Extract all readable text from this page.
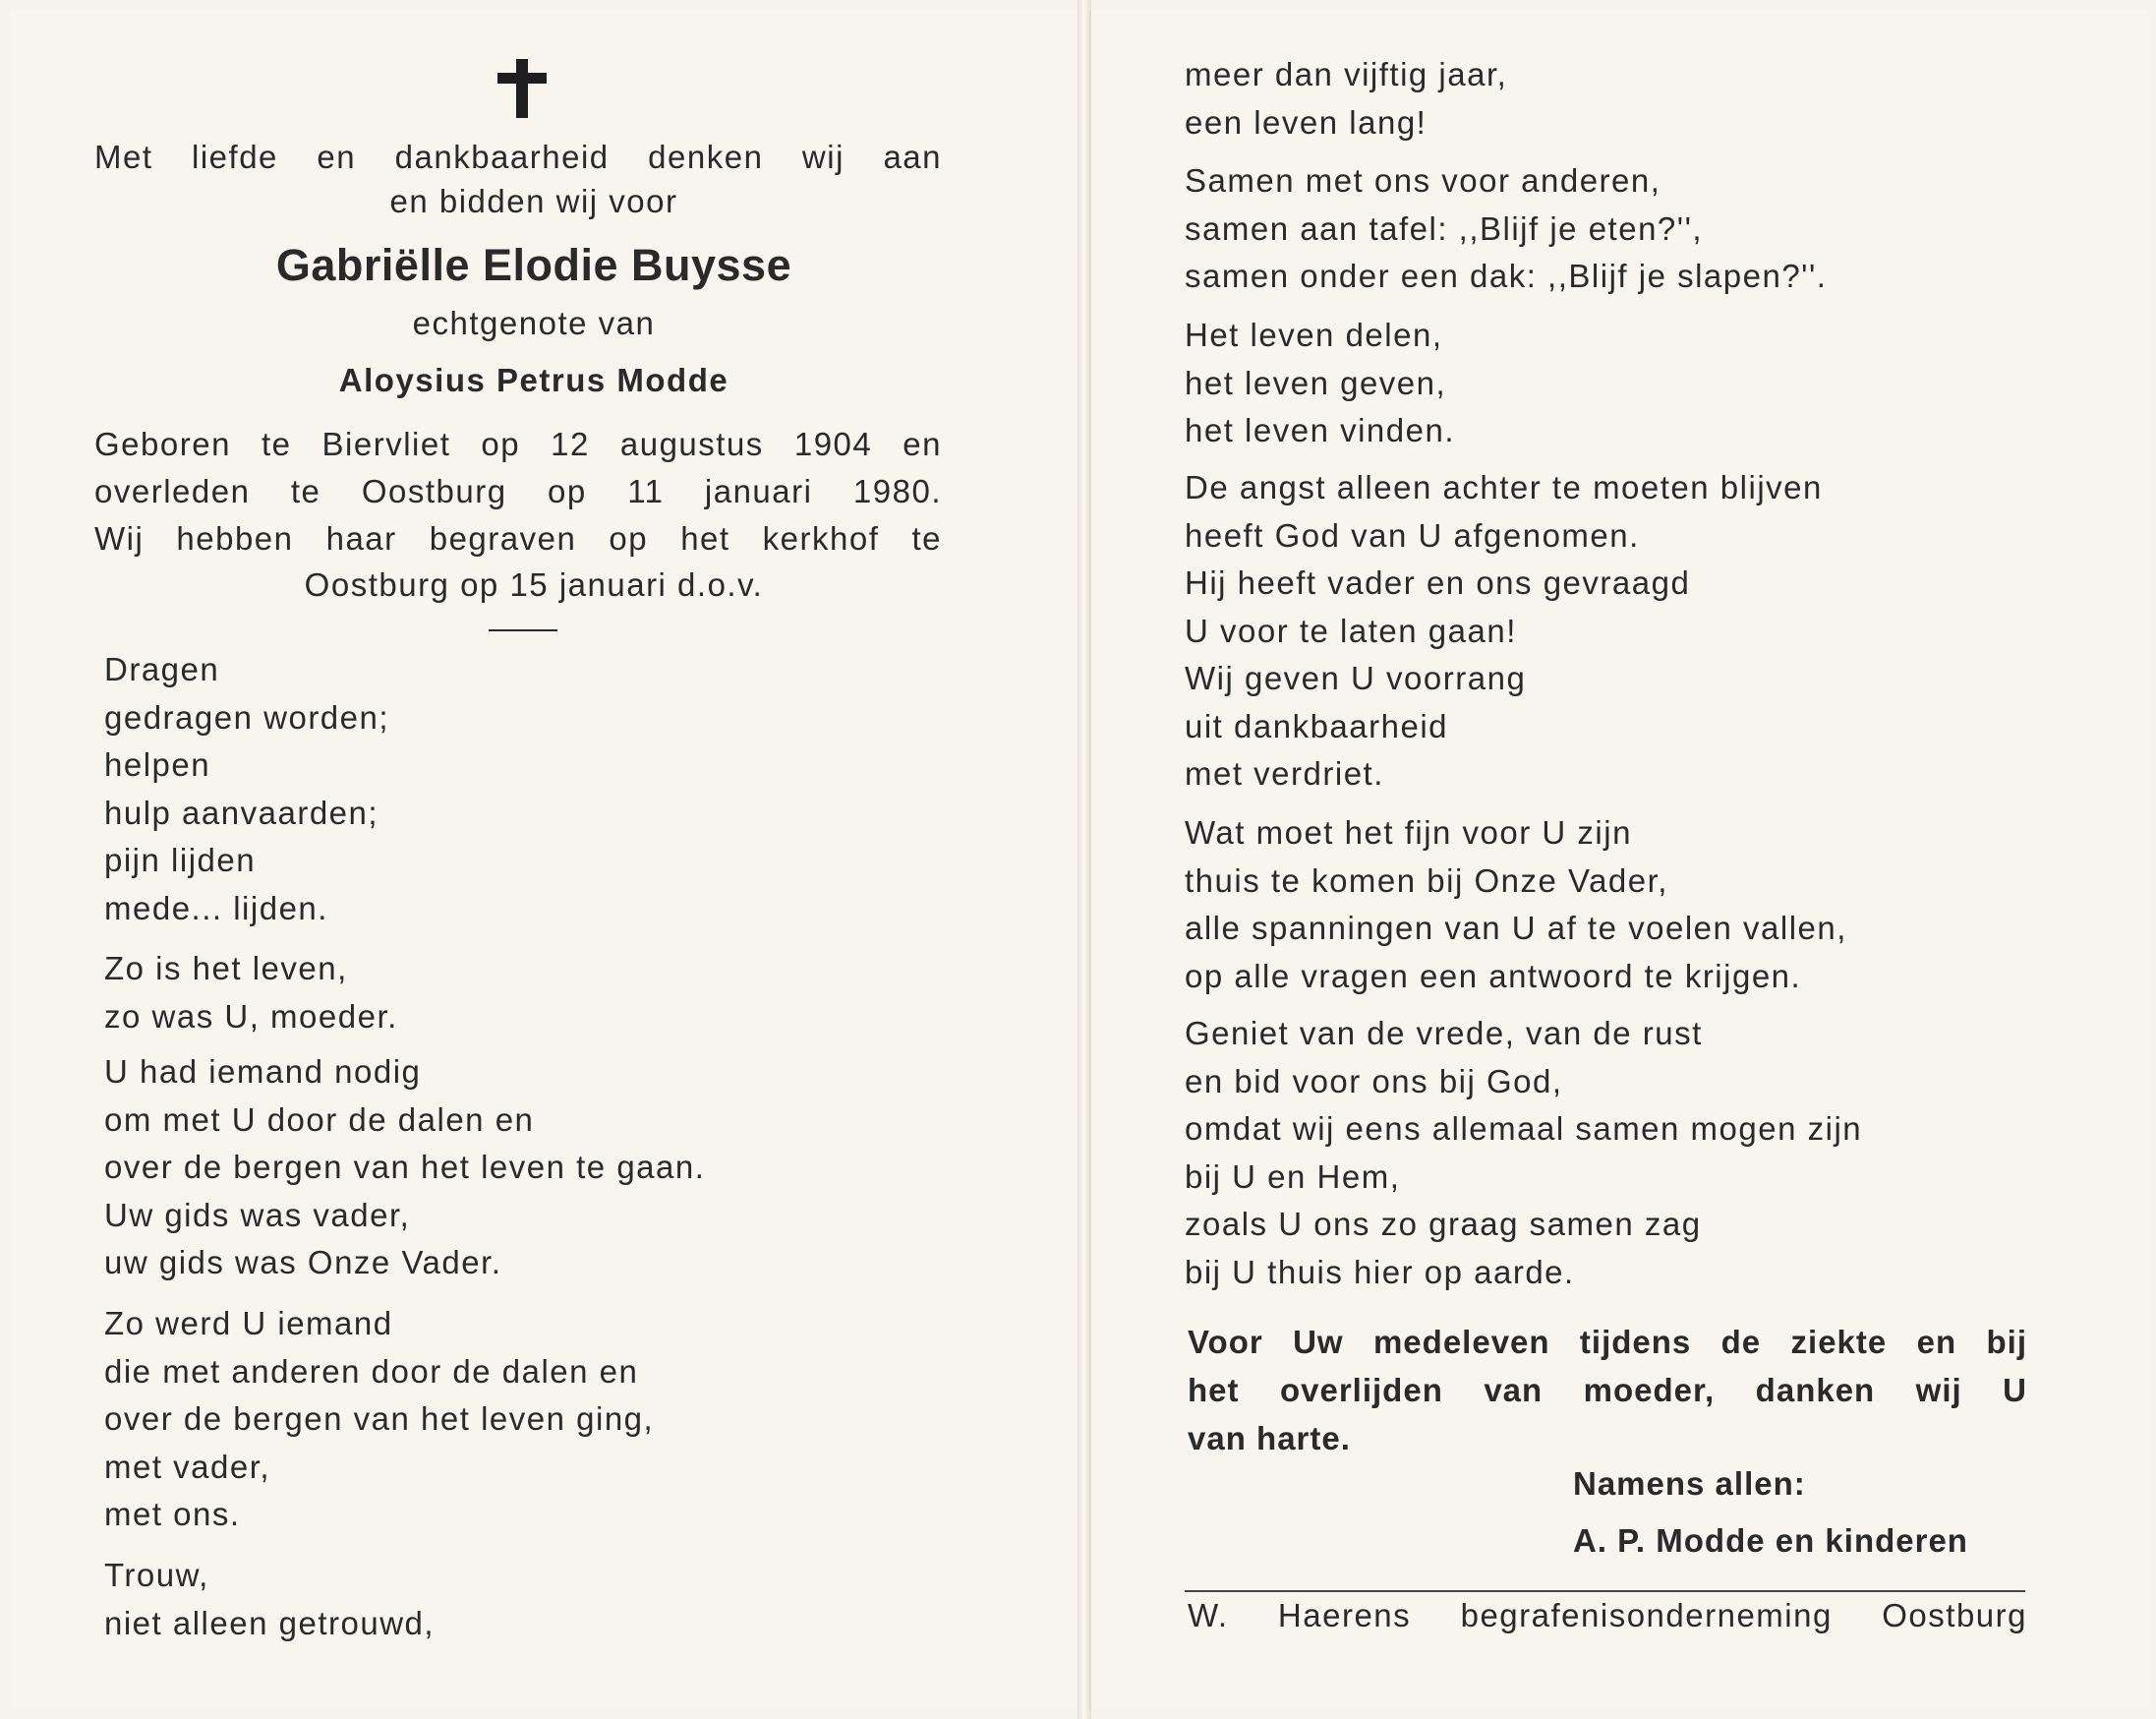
Met liefde en dankbaarheid denken wij aan
en bidden wij voor
Gabriëlle Elodie Buysse
echtgenote van
Aloysius Petrus Modde
Geboren te Biervliet op 12 augustus 1904 en
overleden te Oostburg op 11 januari 1980.
Wij hebben haar begraven op het kerkhof te
Oostburg op 15 januari d.o.v.
Dragen
gedragen worden;
helpen
hulp aanvaarden;
pijn lijden
mede... lijden.
Zo is het leven,
zo was U, moeder.
U had iemand nodig
om met U door de dalen en
over de bergen van het leven te gaan.
Uw gids was vader,
uw gids was Onze Vader.
Zo werd U iemand
die met anderen door de dalen en
over de bergen van het leven ging,
met vader,
met ons.
Trouw,
niet alleen getrouwd,
meer dan vijftig jaar,
een leven lang!
Samen met ons voor anderen,
samen aan tafel: ,,Blijf je eten?'',
samen onder een dak: ,,Blijf je slapen?''.
Het leven delen,
het leven geven,
het leven vinden.
De angst alleen achter te moeten blijven
heeft God van U afgenomen.
Hij heeft vader en ons gevraagd
U voor te laten gaan!
Wij geven U voorrang
uit dankbaarheid
met verdriet.
Wat moet het fijn voor U zijn
thuis te komen bij Onze Vader,
alle spanningen van U af te voelen vallen,
op alle vragen een antwoord te krijgen.
Geniet van de vrede, van de rust
en bid voor ons bij God,
omdat wij eens allemaal samen mogen zijn
bij U en Hem,
zoals U ons zo graag samen zag
bij U thuis hier op aarde.
Voor Uw medeleven tijdens de ziekte en bij
het overlijden van moeder, danken wij U
van harte.
Namens allen:
A. P. Modde en kinderen
W. Haerens begrafenisonderneming Oostburg
